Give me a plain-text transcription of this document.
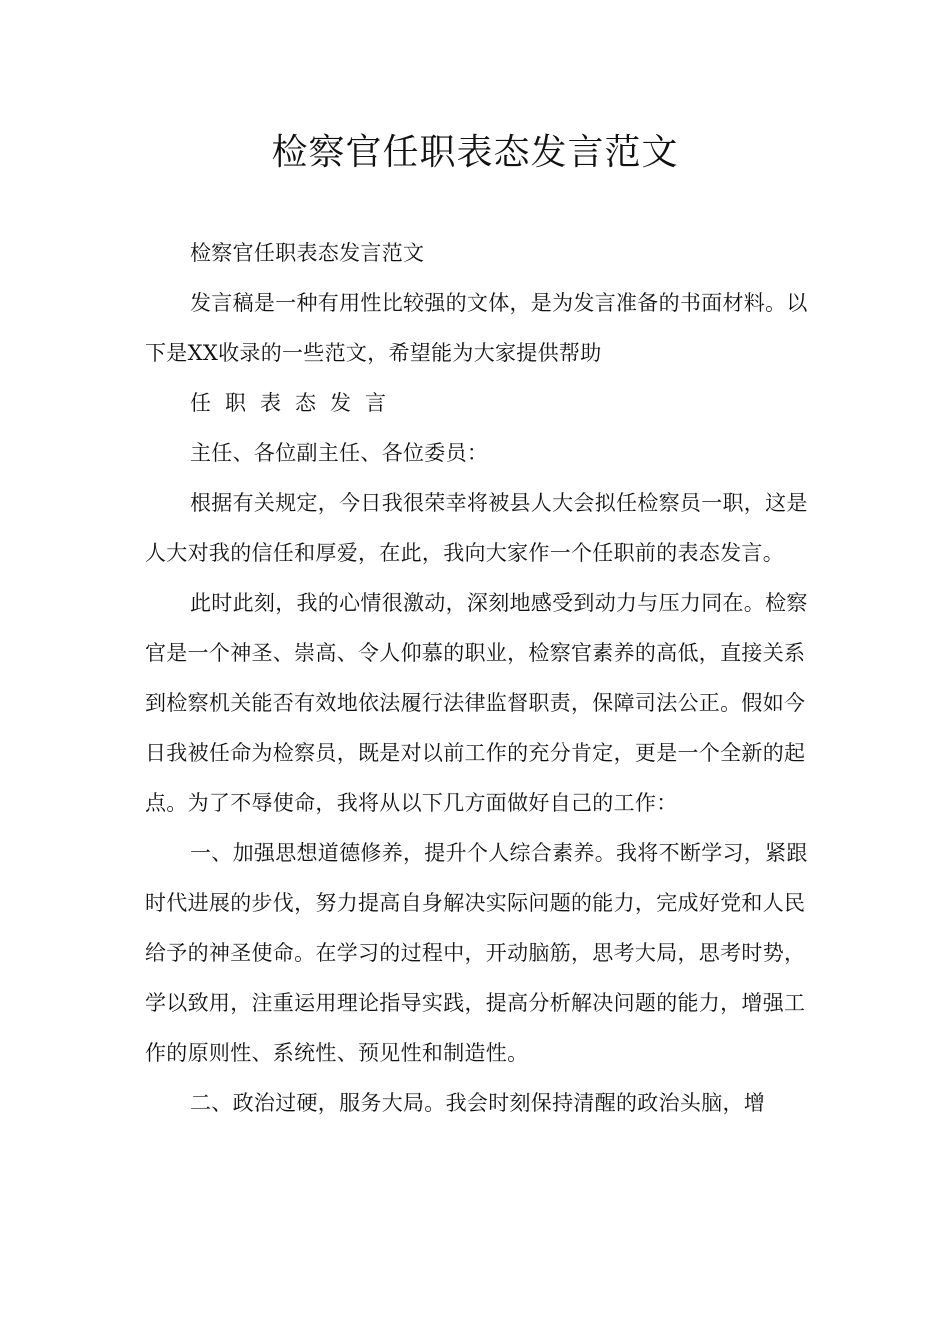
检察官任职表态发言范文

检察官任职表态发言范文

发言稿是一种有用性比较强的文体，是为发言准备的书面材料。以下是XX收录的一些范文，希望能为大家提供帮助

任职表态发言

主任、各位副主任、各位委员：

根据有关规定，今日我很荣幸将被县人大会拟任检察员一职，这是人大对我的信任和厚爱，在此，我向大家作一个任职前的表态发言。

此时此刻，我的心情很激动，深刻地感受到动力与压力同在。检察官是一个神圣、崇高、令人仰慕的职业，检察官素养的高低，直接关系到检察机关能否有效地依法履行法律监督职责，保障司法公正。假如今日我被任命为检察员，既是对以前工作的充分肯定，更是一个全新的起点。为了不辱使命，我将从以下几方面做好自己的工作：

一、加强思想道德修养，提升个人综合素养。我将不断学习，紧跟时代进展的步伐，努力提高自身解决实际问题的能力，完成好党和人民给予的神圣使命。在学习的过程中，开动脑筋，思考大局，思考时势，学以致用，注重运用理论指导实践，提高分析解决问题的能力，增强工作的原则性、系统性、预见性和制造性。

二、政治过硬，服务大局。我会时刻保持清醒的政治头脑，增
